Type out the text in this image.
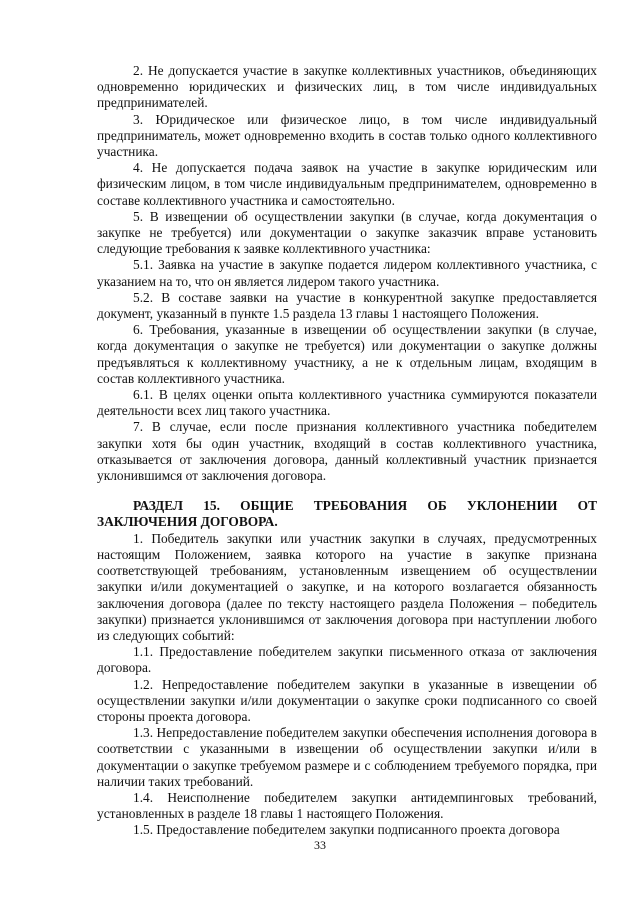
2. Не допускается участие в закупке коллективных участников, объединяющих одновременно юридических и физических лиц, в том числе индивидуальных предпринимателей.

3. Юридическое или физическое лицо, в том числе индивидуальный предприниматель, может одновременно входить в состав только одного коллективного участника.

4. Не допускается подача заявок на участие в закупке юридическим или физическим лицом, в том числе индивидуальным предпринимателем, одновременно в составе коллективного участника и самостоятельно.

5. В извещении об осуществлении закупки (в случае, когда документация о закупке не требуется) или документации о закупке заказчик вправе установить следующие требования к заявке коллективного участника:

5.1. Заявка на участие в закупке подается лидером коллективного участника, с указанием на то, что он является лидером такого участника.

5.2. В составе заявки на участие в конкурентной закупке предоставляется документ, указанный в пункте 1.5 раздела 13 главы 1 настоящего Положения.

6. Требования, указанные в извещении об осуществлении закупки (в случае, когда документация о закупке не требуется) или документации о закупке должны предъявляться к коллективному участнику, а не к отдельным лицам, входящим в состав коллективного участника.

6.1. В целях оценки опыта коллективного участника суммируются показатели деятельности всех лиц такого участника.

7. В случае, если после признания коллективного участника победителем закупки хотя бы один участник, входящий в состав коллективного участника, отказывается от заключения договора, данный коллективный участник признается уклонившимся от заключения договора.

РАЗДЕЛ 15. ОБЩИЕ ТРЕБОВАНИЯ ОБ УКЛОНЕНИИ ОТ ЗАКЛЮЧЕНИЯ ДОГОВОРА.

1. Победитель закупки или участник закупки в случаях, предусмотренных настоящим Положением, заявка которого на участие в закупке признана соответствующей требованиям, установленным извещением об осуществлении закупки и/или документацией о закупке, и на которого возлагается обязанность заключения договора (далее по тексту настоящего раздела Положения – победитель закупки) признается уклонившимся от заключения договора при наступлении любого из следующих событий:

1.1. Предоставление победителем закупки письменного отказа от заключения договора.

1.2. Непредоставление победителем закупки в указанные в извещении об осуществлении закупки и/или документации о закупке сроки подписанного со своей стороны проекта договора.

1.3. Непредоставление победителем закупки обеспечения исполнения договора в соответствии с указанными в извещении об осуществлении закупки и/или в документации о закупке требуемом размере и с соблюдением требуемого порядка, при наличии таких требований.

1.4. Неисполнение победителем закупки антидемпинговых требований, установленных в разделе 18 главы 1 настоящего Положения.

1.5. Предоставление победителем закупки подписанного проекта договора

33
